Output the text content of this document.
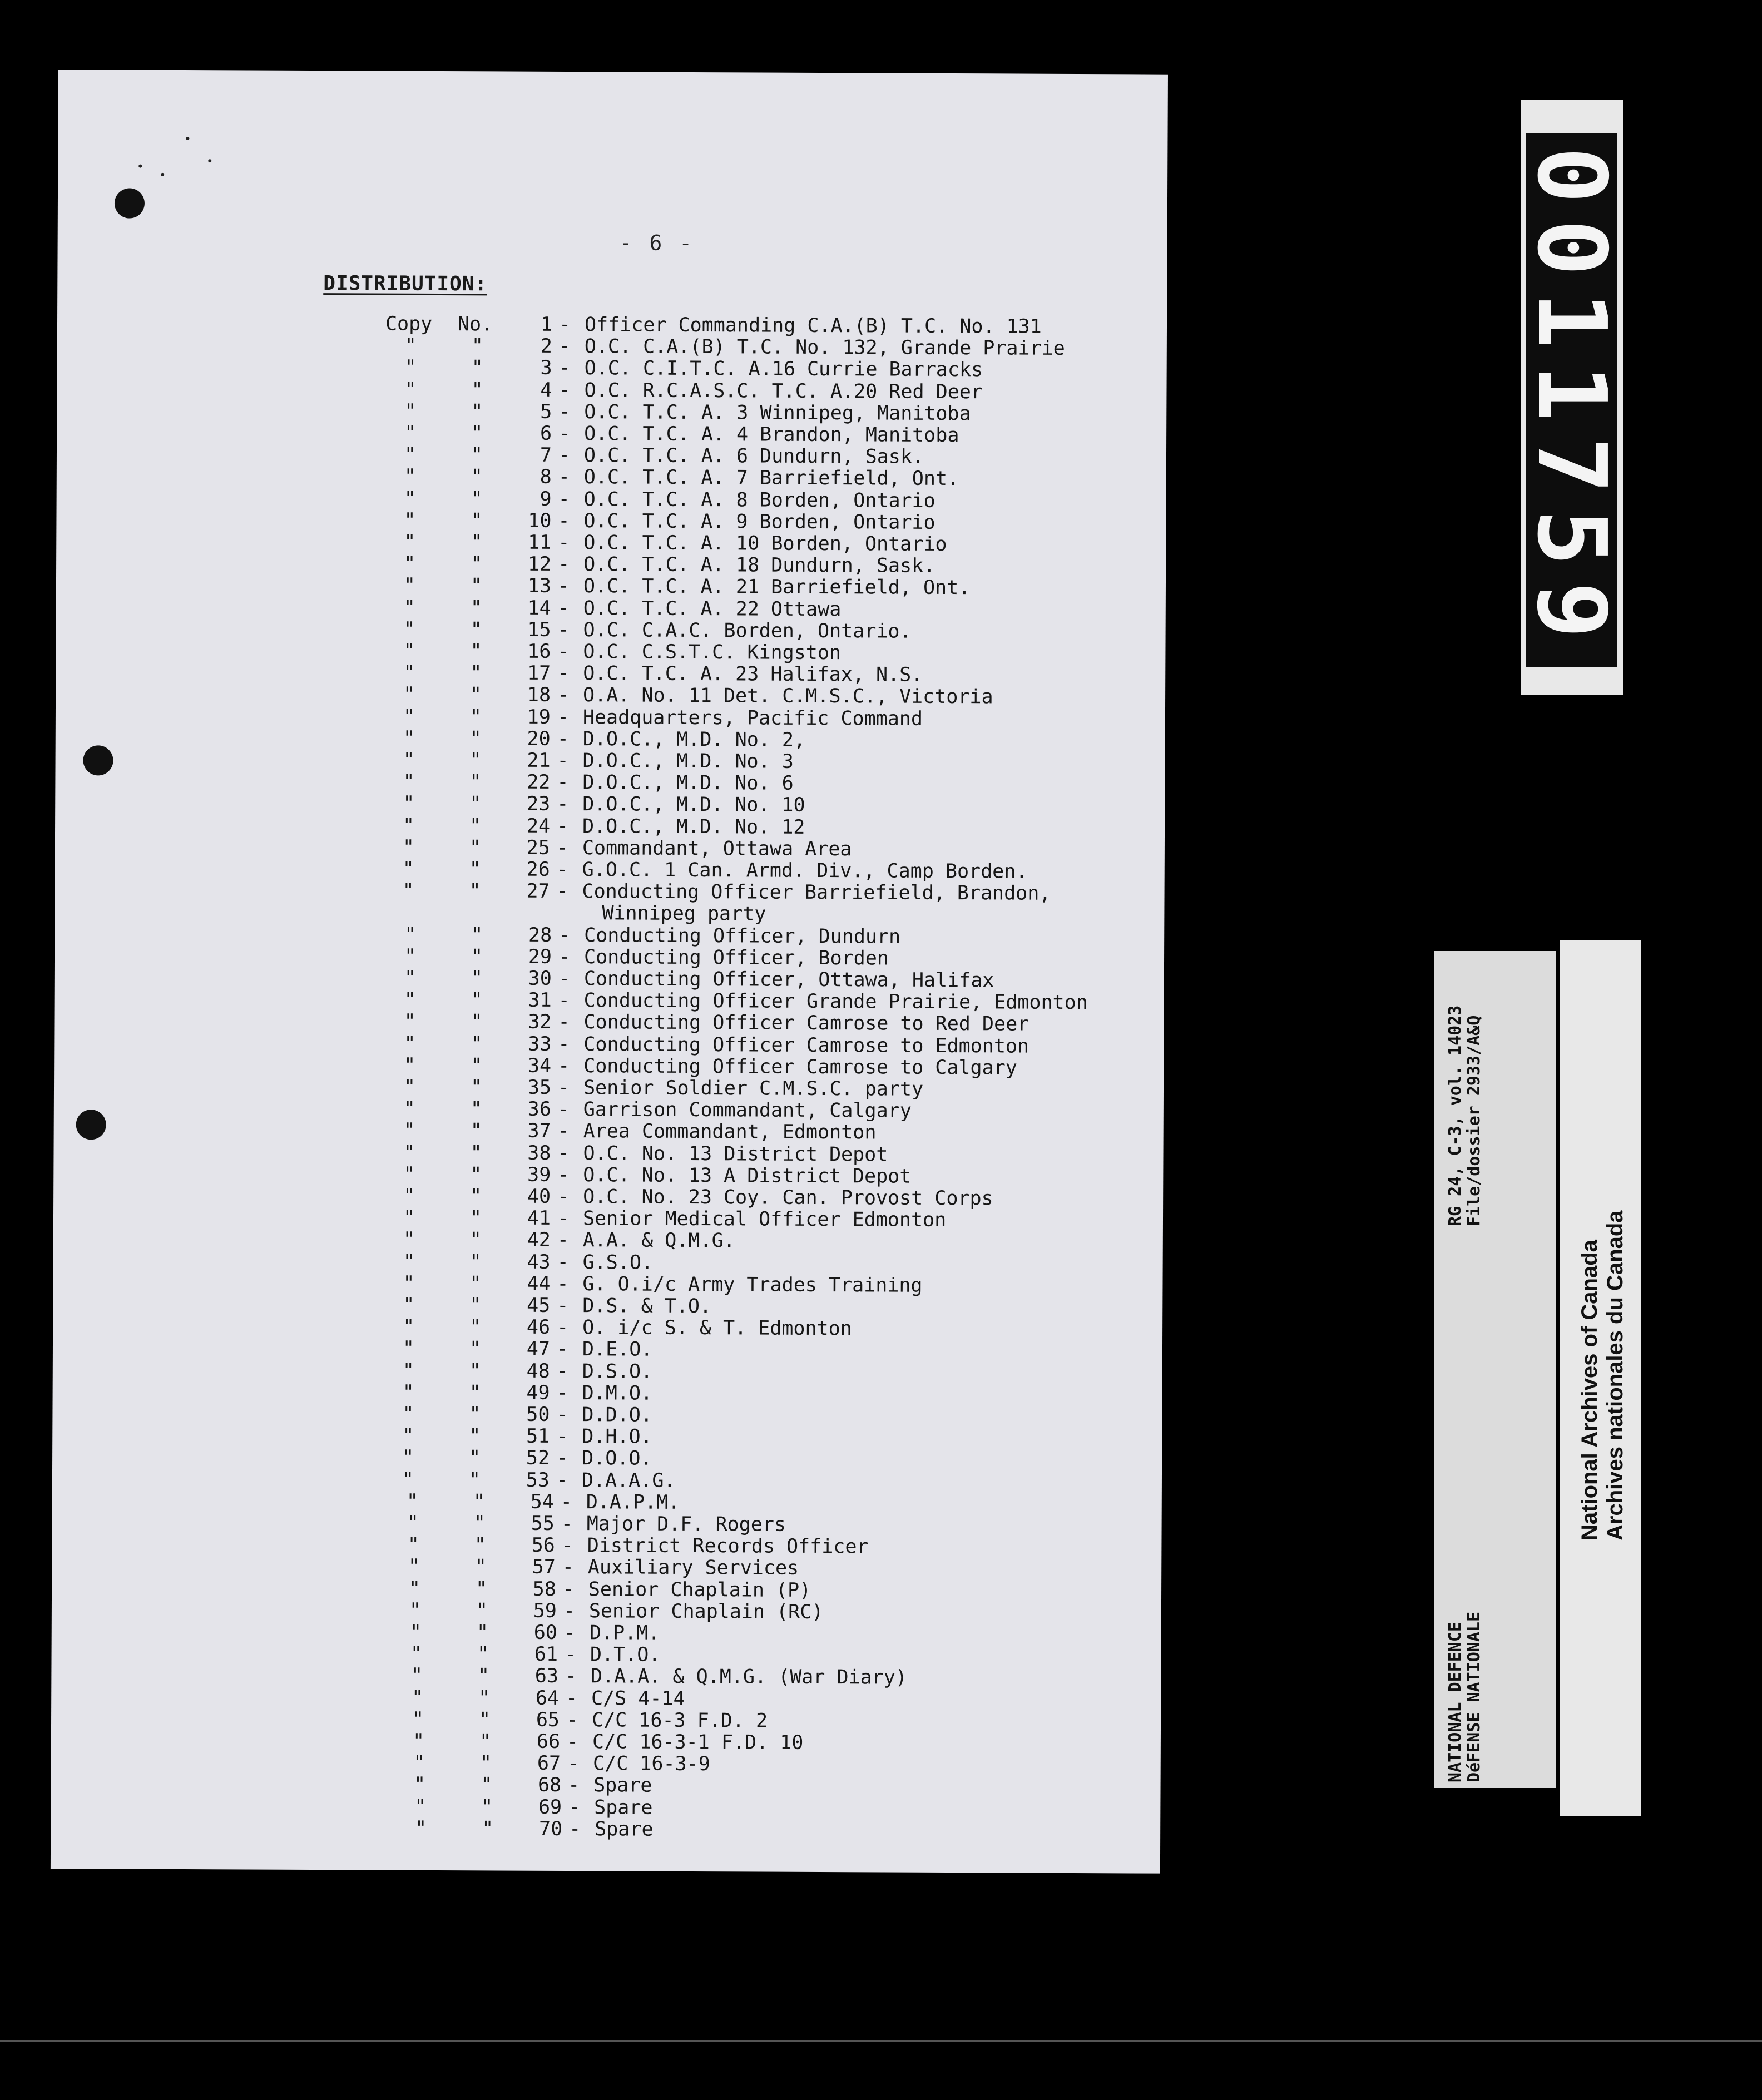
- 6 -
DISTRIBUTION:
Copy No. 1 - Officer Commanding C.A.(B) T.C. No. 131
"	"	2 - O.C. C.A.(B) T.C. No. 132, Grande Prairie
"	"	3 - O.C. C.I.T.C. A.16 Currie Barracks
"	"	4 - O.C. R.C.A.S.C. T.C. A.20 Red Deer
"	"	5 - O.C. T.C. A. 3 Winnipeg, Manitoba
"	"	6 - O.C. T.C. A. 4 Brandon, Manitoba
"	"	7 - O.C. T.C. A. 6 Dundurn, Sask.
"	"	8 - O.C. T.C. A. 7 Barriefield, Ont.
"	"	9 - O.C. T.C. A. 8 Borden, Ontario
"	" 10 - O.C. T.C. A. 9 Borden, Ontario
"	" 11 - O.C. T.C. A. 10 Borden, Ontario
"	" 12 - O.C. T.C. A. 18 Dundurn, Sask.
"	" 13 - O.C. T.C. A. 21 Barriefield, Ont.
"	" 14 - O.C. T.C. A. 22 Ottawa
"	" 15 - O.C. C.A.C. Borden, Ontario.
"	" 16 - O.C. C.S.T.C. Kingston
"	" 17 - O.C. T.C. A. 23 Halifax, N.S.
"	" 18 - O.A. No. 11 Det. C.M.S.C., Victoria
"	" 19 - Headquarters, Pacific Command
"	" 20 - D.O.C., M.D. No. 2,
"	" 21 - D.O.C., M.D. No. 3
"	" 22 - D.O.C., M.D. No. 6
"	" 23 - D.O.C., M.D. No. 10
"	" 24 - D.O.C., M.D. No. 12
"	" 25 - Commandant, Ottawa Area
"	" 26 - G.O.C. 1 Can. Armd. Div., Camp Borden.
"	" 27 - Conducting Officer Barriefield, Brandon,
Winnipeg party
"	" 28 - Conducting Officer, Dundurn
"	" 29 - Conducting Officer, Borden
"	" 30 - Conducting Officer, Ottawa, Halifax
"	" 31 - Conducting Officer Grande Prairie, Edmonton
"	" 32 - Conducting Officer Camrose to Red Deer
"	" 33 - Conducting Officer Camrose to Edmonton
"	" 34 - Conducting Officer Camrose to Calgary
"	" 35 - Senior Soldier C.M.S.C. party
"	" 36 - Garrison Commandant, Calgary
"	" 37 - Area Commandant, Edmonton
"	" 38 - O.C. No. 13 District Depot
"	" 39 - O.C. No. 13 A District Depot
"	" 40 - O.C. No. 23 Coy. Can. Provost Corps
"	" 41 - Senior Medical Officer Edmonton
"	" 42 - A.A. & Q.M.G.
"	" 43 - G.S.O.
"	" 44 - G. O.i/c Army Trades Training
"	" 45 - D.S. & T.O.
"	" 46 - O. i/c S. & T. Edmonton
"	" 47 - D.E.O.
"	" 48 - D.S.O.
"	" 49 - D.M.O.
"	" 50 - D.D.O.
"	" 51 - D.H.O.
"	" 52 - D.O.O.
"	" 53 - D.A.A.G.
"	" 54 - D.A.P.M.
"	" 55 - Major D.F. Rogers
"	" 56 - District Records Officer
"	" 57 - Auxiliary Services
"	" 58 - Senior Chaplain (P)
"	" 59 - Senior Chaplain (RC)
"	" 60 - D.P.M.
"	" 61 - D.T.O.
"	" 63 - D.A.A. & Q.M.G. (War Diary)
"	" 64 - C/S 4-14
"	" 65 - C/C 16-3 F.D. 2
"	" 66 - C/C 16-3-1 F.D. 10
"	" 67 - C/C 16-3-9
"	" 68 - Spare
"	" 69 - Spare
"	" 70 - Spare
0011759
NATIONAL DEFENCE DéFENSE NATIONALE
RG 24, C-3, vol. 14023 File/dossier 2933/A&Q
National Archives of Canada Archives nationales du Canada
